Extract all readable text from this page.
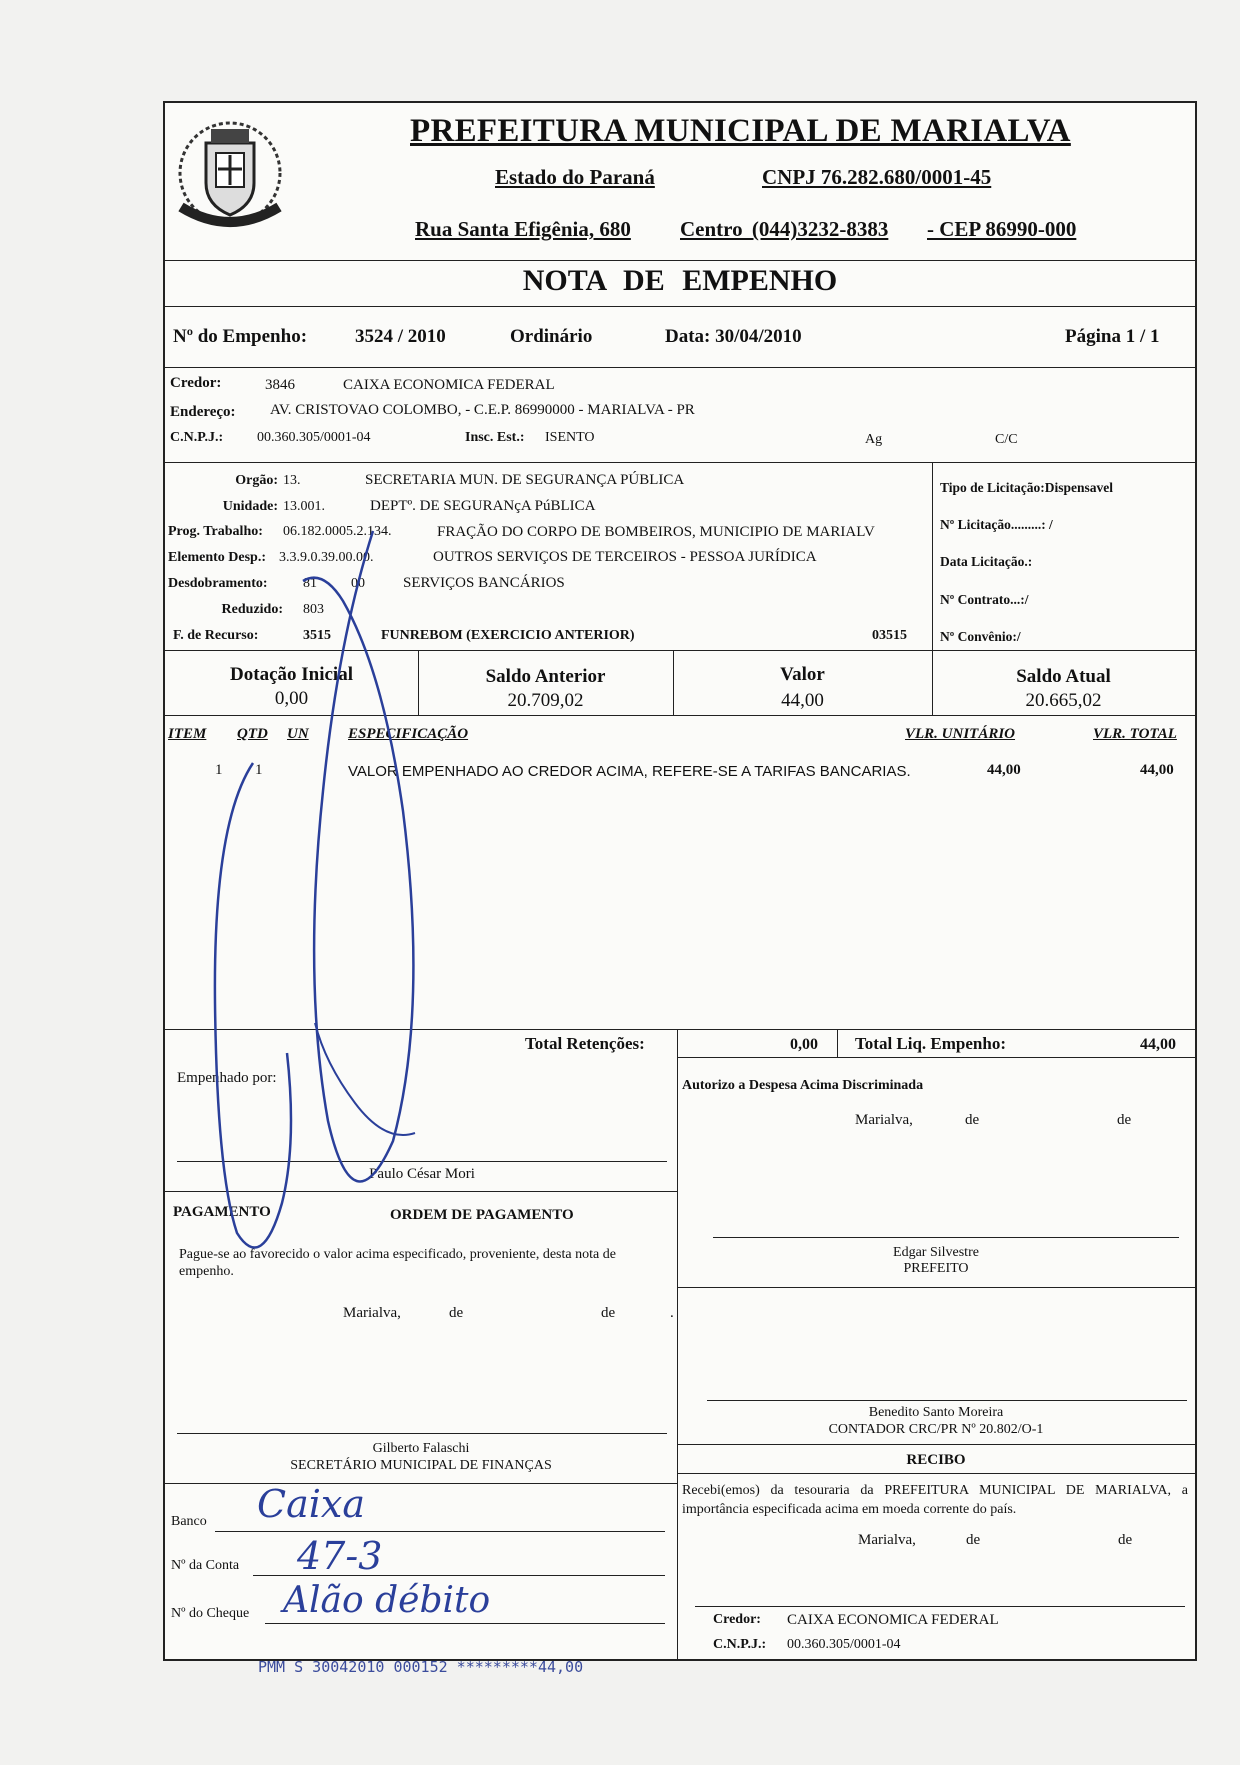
PREFEITURA MUNICIPAL DE MARIALVA
Estado do Paraná	CNPJ 76.282.680/0001-45
Rua Santa Efigênia, 680 Centro (044)3232-8383 - CEP 86990-000
NOTA DE EMPENHO
Nº do Empenho:	3524 / 2010	Ordinário	Data: 30/04/2010	Página 1 / 1
Credor:	3846	CAIXA ECONOMICA FEDERAL
Endereço: AV. CRISTOVAO COLOMBO, - C.E.P. 86990000 - MARIALVA - PR
C.N.P.J.: 00.360.305/0001-04	Insc. Est.: ISENTO	Ag	C/C
Orgão: 13.	SECRETARIA MUN. DE SEGURANÇA PÚBLICA
Unidade: 13.001.	DEPTº. DE SEGURANçA PúBLICA
Prog. Trabalho: 06.182.0005.2.134.	FRAÇÃO DO CORPO DE BOMBEIROS, MUNICIPIO DE MARIALV
Elemento Desp.: 3.3.9.0.39.00.00.	OUTROS SERVIÇOS DE TERCEIROS - PESSOA JURÍDICA
Desdobramento:	81 00	SERVIÇOS BANCÁRIOS
Reduzido: 803
F. de Recurso:	3515	FUNREBOM (EXERCICIO ANTERIOR)	03515
Tipo de Licitação:Dispensavel
Nº Licitação.........: /
Data Licitação.:
Nº Contrato...:/
Nº Convênio:/
Dotação Inicial
0,00
Saldo Anterior
20.709,02
Valor
44,00
Saldo Atual
20.665,02
ITEM QTD UN	ESPECIFICAÇÃO	VLR. UNITÁRIO	VLR. TOTAL
1 1	VALOR EMPENHADO AO CREDOR ACIMA, REFERE-SE A TARIFAS BANCARIAS.	44,00	44,00
Total Retenções:	0,00 Total Liq. Empenho:	44,00
Empenhado por:
Paulo César Mori
Autorizo a Despesa Acima Discriminada
Marialva,	de	de
Edgar Silvestre
PREFEITO
PAGAMENTO	ORDEM DE PAGAMENTO
Pague-se ao favorecido o valor acima especificado, proveniente, desta nota de empenho.
Marialva,	de	de	.
Gilberto Falaschi
SECRETÁRIO MUNICIPAL DE FINANÇAS
Benedito Santo Moreira
CONTADOR CRC/PR Nº 20.802/O-1
RECIBO
Recebi(emos) da tesouraria da PREFEITURA MUNICIPAL DE MARIALVA, a importância especificada acima em moeda corrente do país.
Marialva,	de	de
Credor: CAIXA ECONOMICA FEDERAL
C.N.P.J.: 00.360.305/0001-04
Banco Caixa
Nº da Conta 47-3
Nº do Cheque Alão débito
PMM S 30042010 000152 *********44,00
